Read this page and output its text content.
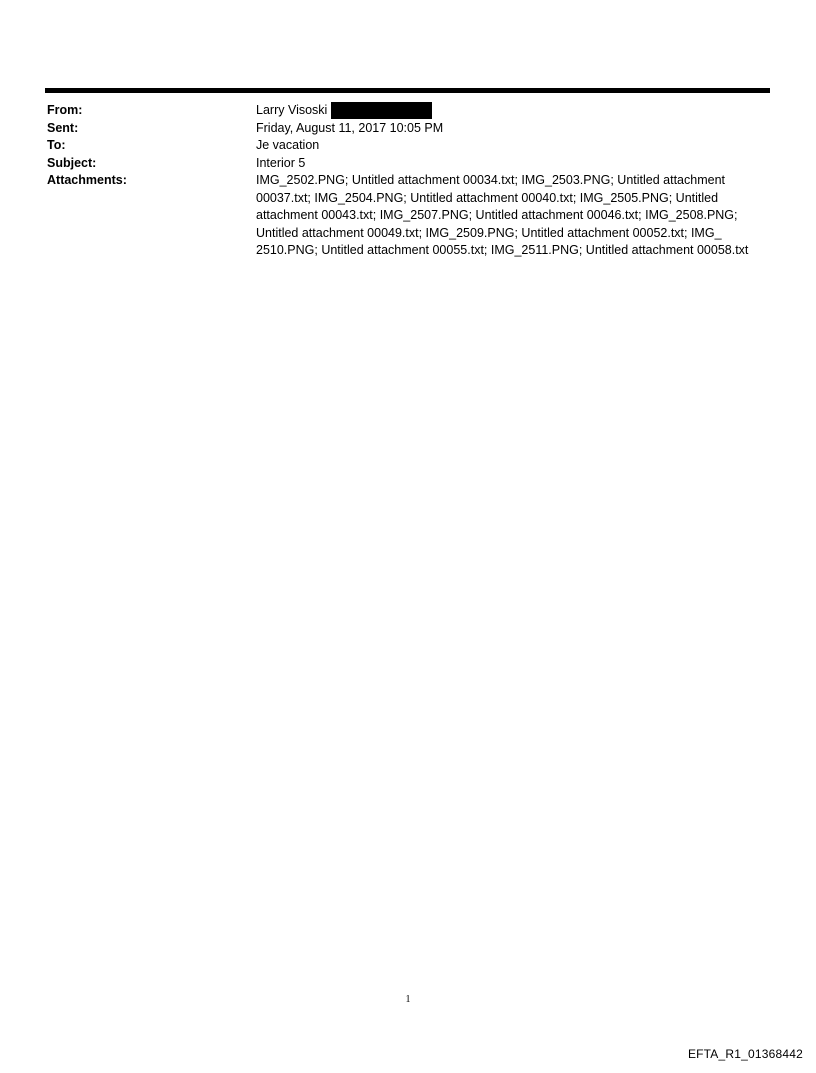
From:	Larry Visoski
Sent:	Friday, August 11, 2017 10:05 PM
To:	Je vacation
Subject:	Interior 5
Attachments:	IMG_2502.PNG; Untitled attachment 00034.txt; IMG_2503.PNG; Untitled attachment 00037.txt; IMG_2504.PNG; Untitled attachment 00040.txt; IMG_2505.PNG; Untitled attachment 00043.txt; IMG_2507.PNG; Untitled attachment 00046.txt; IMG_2508.PNG; Untitled attachment 00049.txt; IMG_2509.PNG; Untitled attachment 00052.txt; IMG_ 2510.PNG; Untitled attachment 00055.txt; IMG_2511.PNG; Untitled attachment 00058.txt
1
EFTA_R1_01368442
